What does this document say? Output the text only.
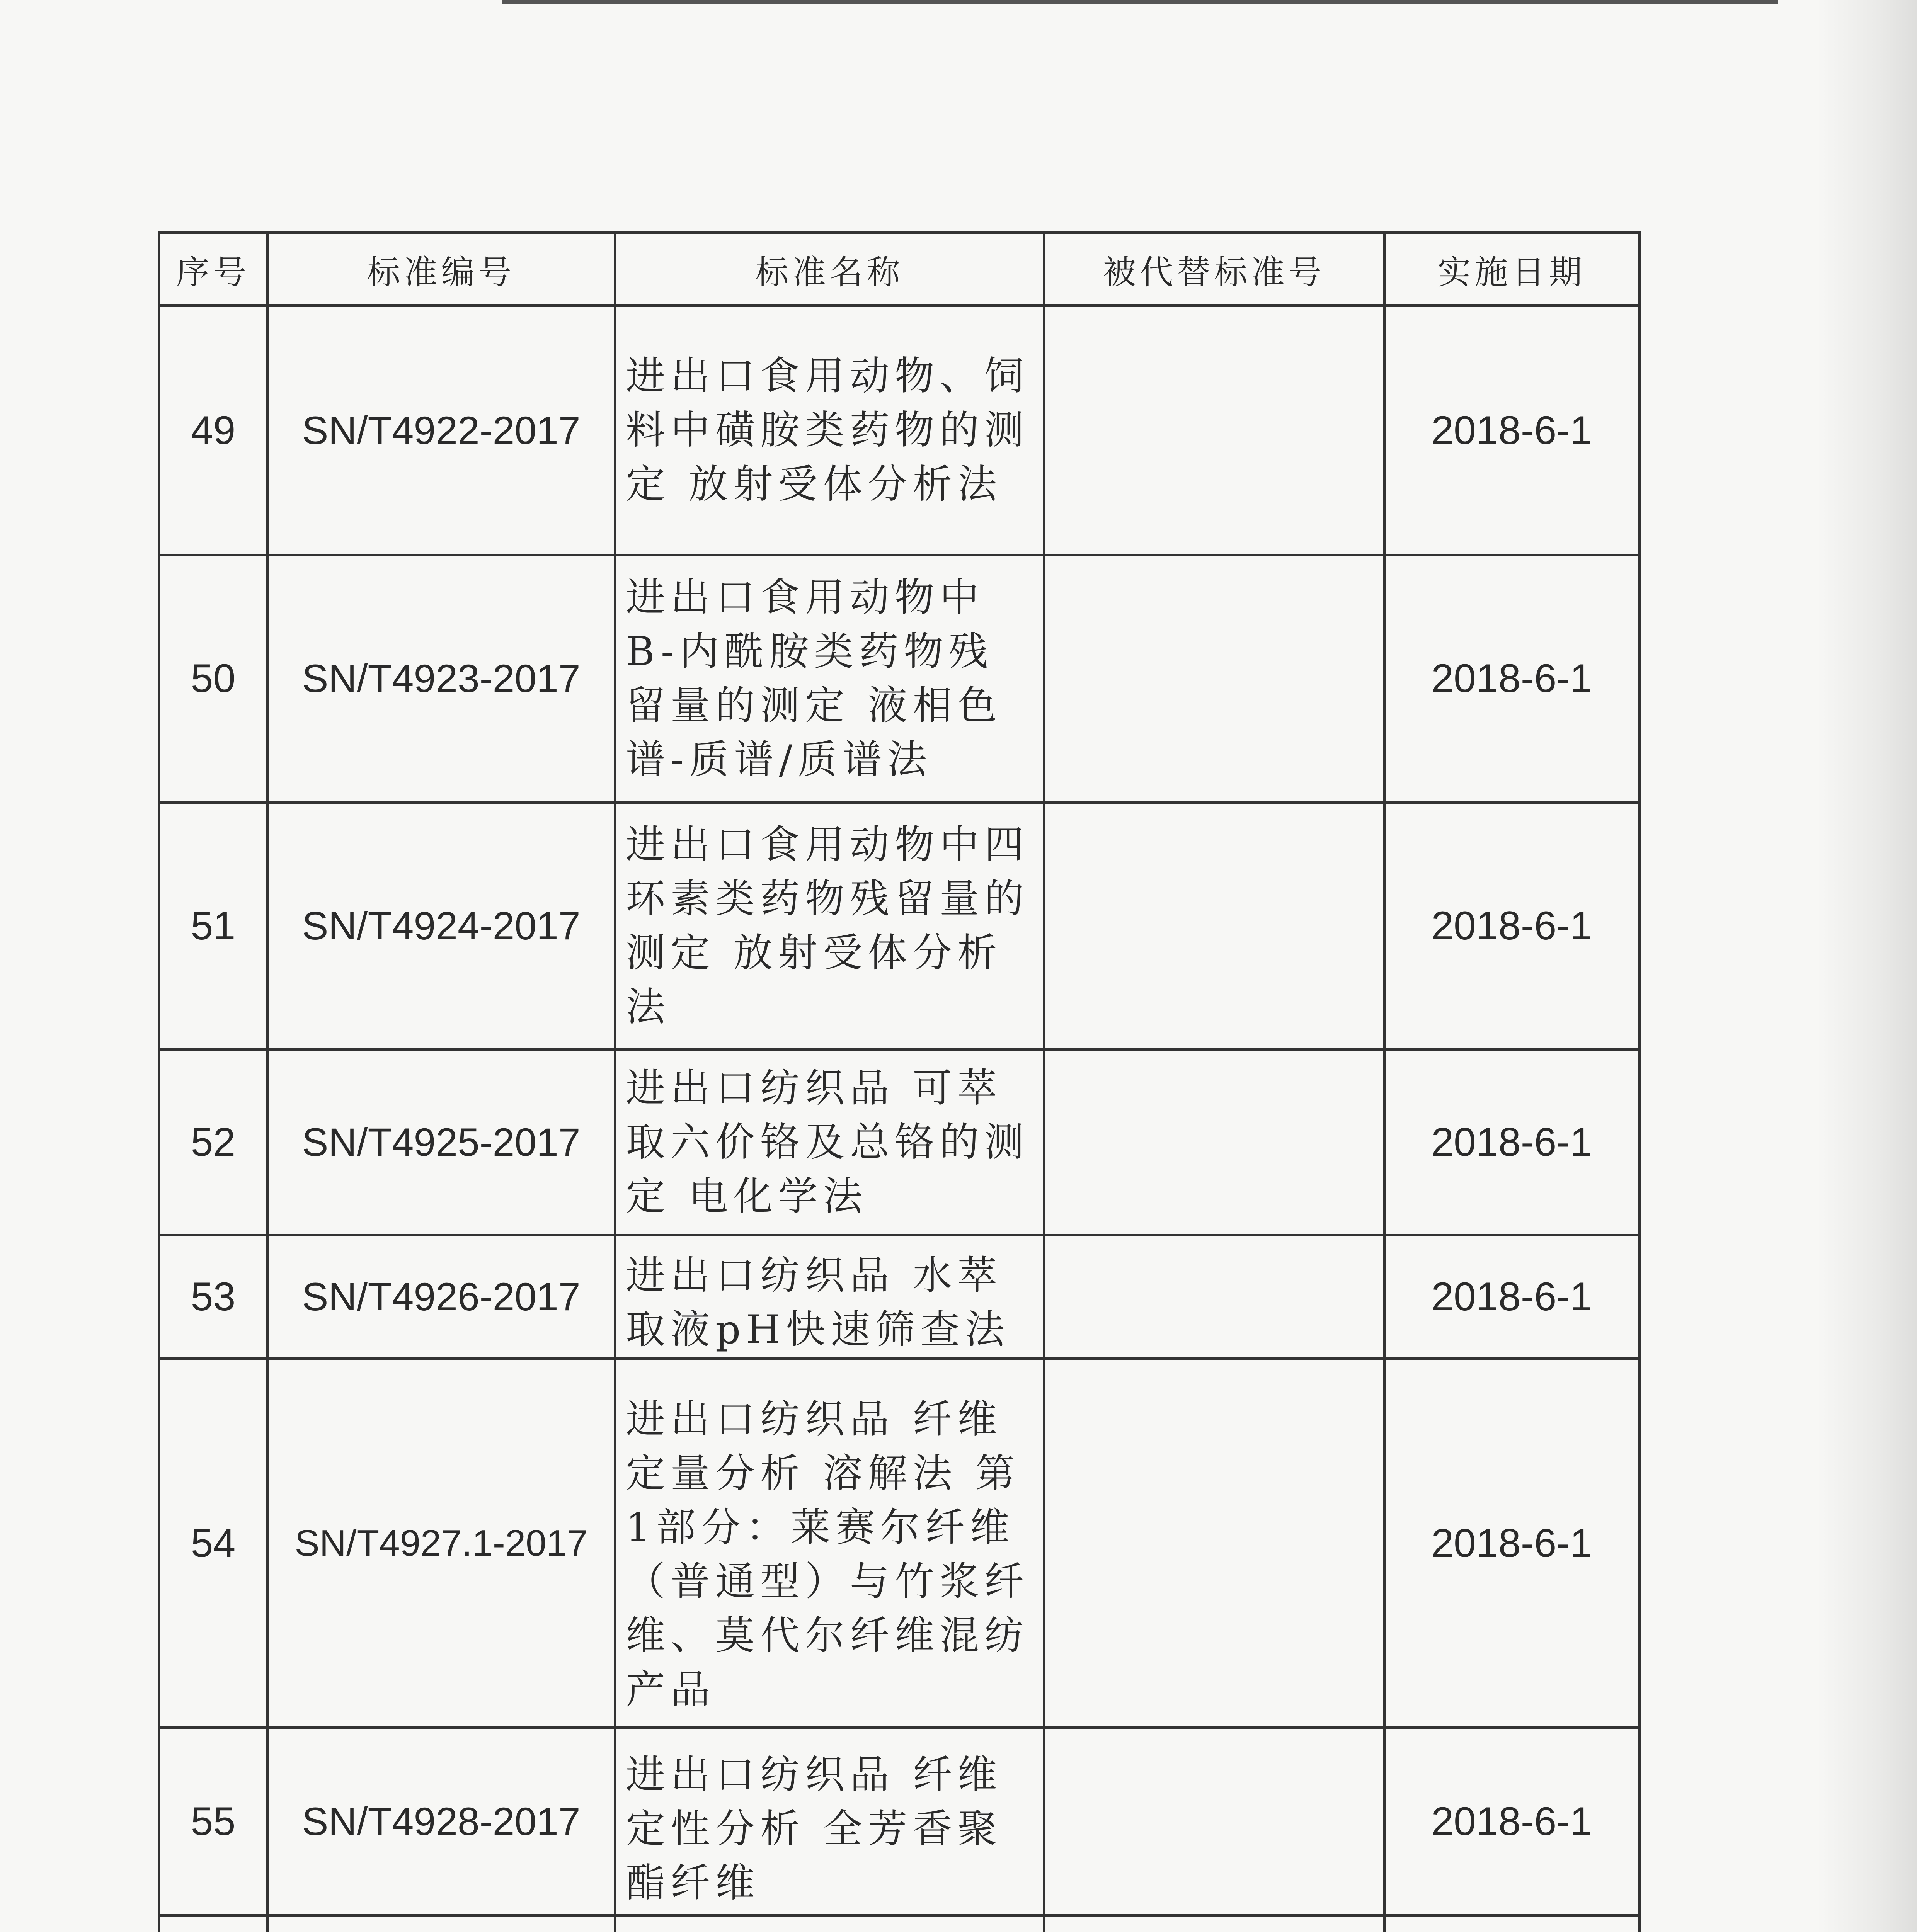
序号	标准编号	标准名称	被代替标准号	实施日期
49	SN/T4922-2017	进出口食用动物、饲料中磺胺类药物的测定 放射受体分析法		2018-6-1
50	SN/T4923-2017	进出口食用动物中B-内酰胺类药物残留量的测定 液相色谱-质谱/质谱法		2018-6-1
51	SN/T4924-2017	进出口食用动物中四环素类药物残留量的测定 放射受体分析法		2018-6-1
52	SN/T4925-2017	进出口纺织品 可萃取六价铬及总铬的测定 电化学法		2018-6-1
53	SN/T4926-2017	进出口纺织品 水萃取液pH快速筛查法		2018-6-1
54	SN/T4927.1-2017	进出口纺织品 纤维定量分析 溶解法 第1部分：莱赛尔纤维（普通型）与竹浆纤维、莫代尔纤维混纺产品		2018-6-1
55	SN/T4928-2017	进出口纺织品 纤维定性分析 全芳香聚酯纤维		2018-6-1
